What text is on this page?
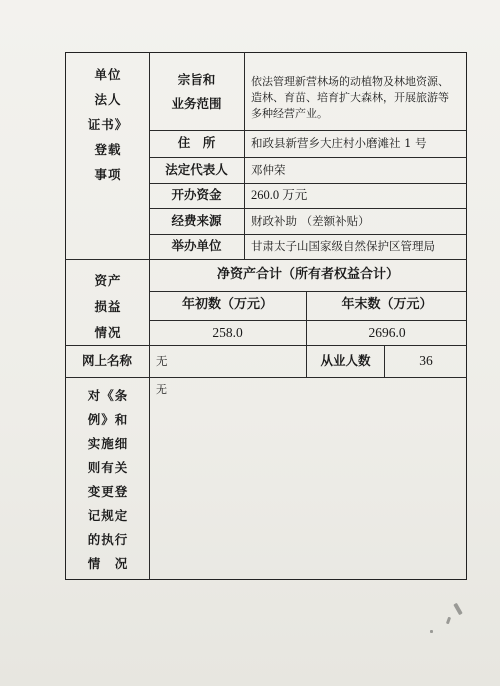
单位
法人
证书》
登载
事项
宗旨和
业务范围
依法管理新营林场的动植物及林地资源、
造林、育苗、培育扩大森林，开展旅游等
多种经营产业。
住　所	和政县新营乡大庄村小磨滩社 1 号
法定代表人	邓仲荣
开办资金	260.0 万元
经费来源	财政补助 （差额补贴）
举办单位	甘肃太子山国家级自然保护区管理局
资产
损益
情况
净资产合计（所有者权益合计）
年初数（万元）	年末数（万元）
258.0	2696.0
网上名称	无	从业人数	36
对《条
例》和
实施细
则有关
变更登
记规定
的执行
情　况
无
